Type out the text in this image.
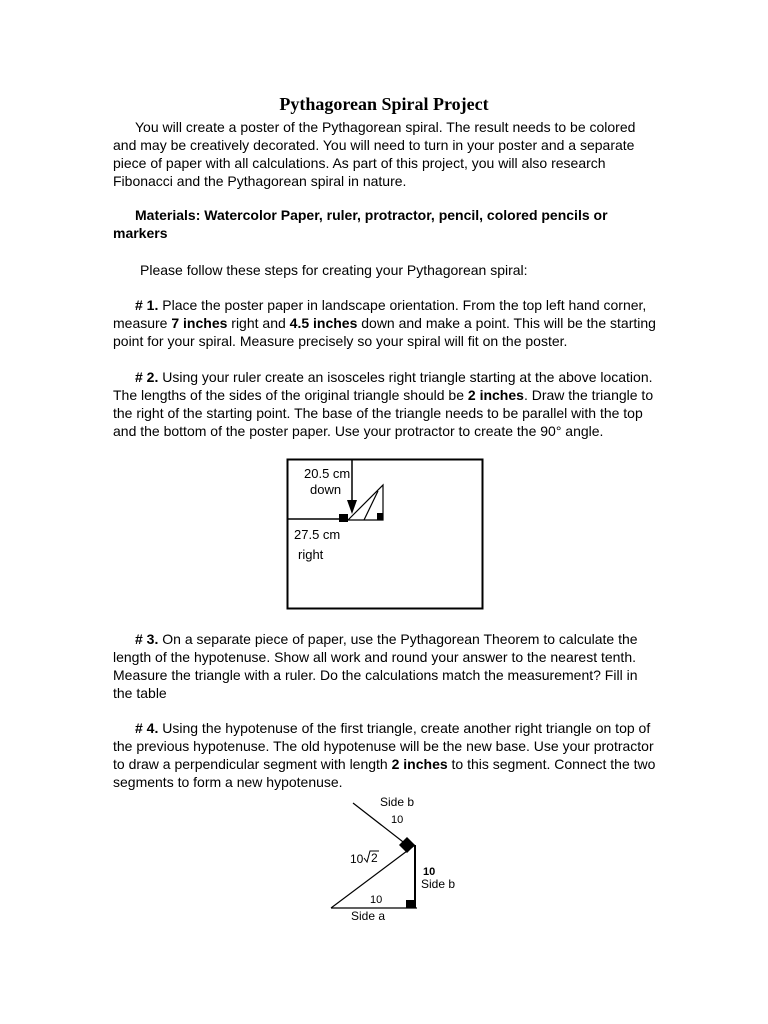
Pythagorean Spiral Project

You will create a poster of the Pythagorean spiral. The result needs to be colored and may be creatively decorated. You will need to turn in your poster and a separate piece of paper with all calculations. As part of this project, you will also research Fibonacci and the Pythagorean spiral in nature.

Materials: Watercolor Paper, ruler, protractor, pencil, colored pencils or markers

Please follow these steps for creating your Pythagorean spiral:

# 1. Place the poster paper in landscape orientation. From the top left hand corner, measure 7 inches right and 4.5 inches down and make a point. This will be the starting point for your spiral. Measure precisely so your spiral will fit on the poster.

# 2. Using your ruler create an isosceles right triangle starting at the above location. The lengths of the sides of the original triangle should be 2 inches. Draw the triangle to the right of the starting point. The base of the triangle needs to be parallel with the top and the bottom of the poster paper. Use your protractor to create the 90° angle.

20.5 cm
down
27.5 cm
right

# 3. On a separate piece of paper, use the Pythagorean Theorem to calculate the length of the hypotenuse. Show all work and round your answer to the nearest tenth. Measure the triangle with a ruler. Do the calculations match the measurement? Fill in the table

# 4. Using the hypotenuse of the first triangle, create another right triangle on top of the previous hypotenuse. The old hypotenuse will be the new base. Use your protractor to draw a perpendicular segment with length 2 inches to this segment. Connect the two segments to form a new hypotenuse.

Side b
10
10 2
10
Side b
10
Side a
